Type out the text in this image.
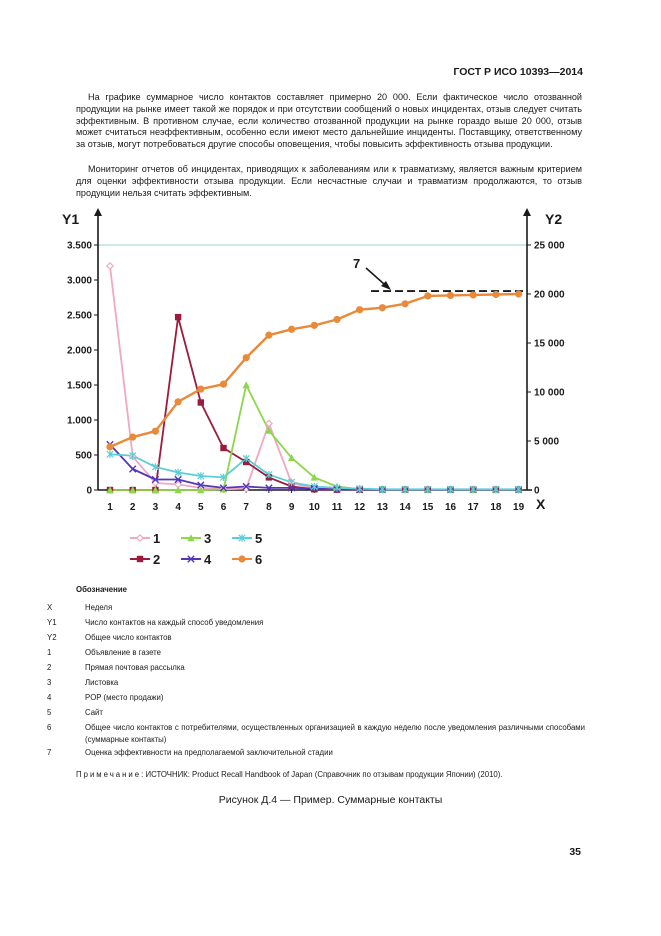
ГОСТ Р ИСО 10393—2014

На графике суммарное число контактов составляет примерно 20 000. Если фактическое число отозванной продукции на рынке имеет такой же порядок и при отсутствии сообщений о новых инцидентах, отзыв следует считать эффективным. В противном случае, если количество отозванной продукции на рынке гораздо выше 20 000, отзыв может считаться неэффективным, особенно если имеют место дальнейшие инциденты. Поставщику, ответственному за отзыв, могут потребоваться другие способы оповещения, чтобы повысить эффективность отзыва продукции.

Мониторинг отчетов об инцидентах, приводящих к заболеваниям или к травматизму, является важным критерием для оценки эффективности отзыва продукции. Если несчастные случаи и травматизм продолжаются, то отзыв продукции нельзя считать эффективным.

Y1	Y2
X
0
500
1.000
1.500
2.000
2.500
3.000
3.500
0
5 000
10 000
15 000
20 000
25 000
1 2 3 4 5 6 7 8 9 10 11 12 13 14 15 16 17 18 19
7
1
2
3
4
5
6
Обозначение
X	Неделя
Y1	Число контактов на каждый способ уведомления
Y2	Общее число контактов
1	Объявление в газете
2	Прямая почтовая рассылка
3	Листовка
4	POP (место продажи)
5	Сайт
6	Общее число контактов с потребителями, осуществленных организацией в каждую неделю после уведомления различными способами (суммарные контакты)
7	Оценка эффективности на предполагаемой заключительной стадии
Примечание: ИСТОЧНИК: Product Recall Handbook of Japan (Справочник по отзывам продукции Японии) (2010).
Рисунок Д.4 — Пример. Суммарные контакты
35
